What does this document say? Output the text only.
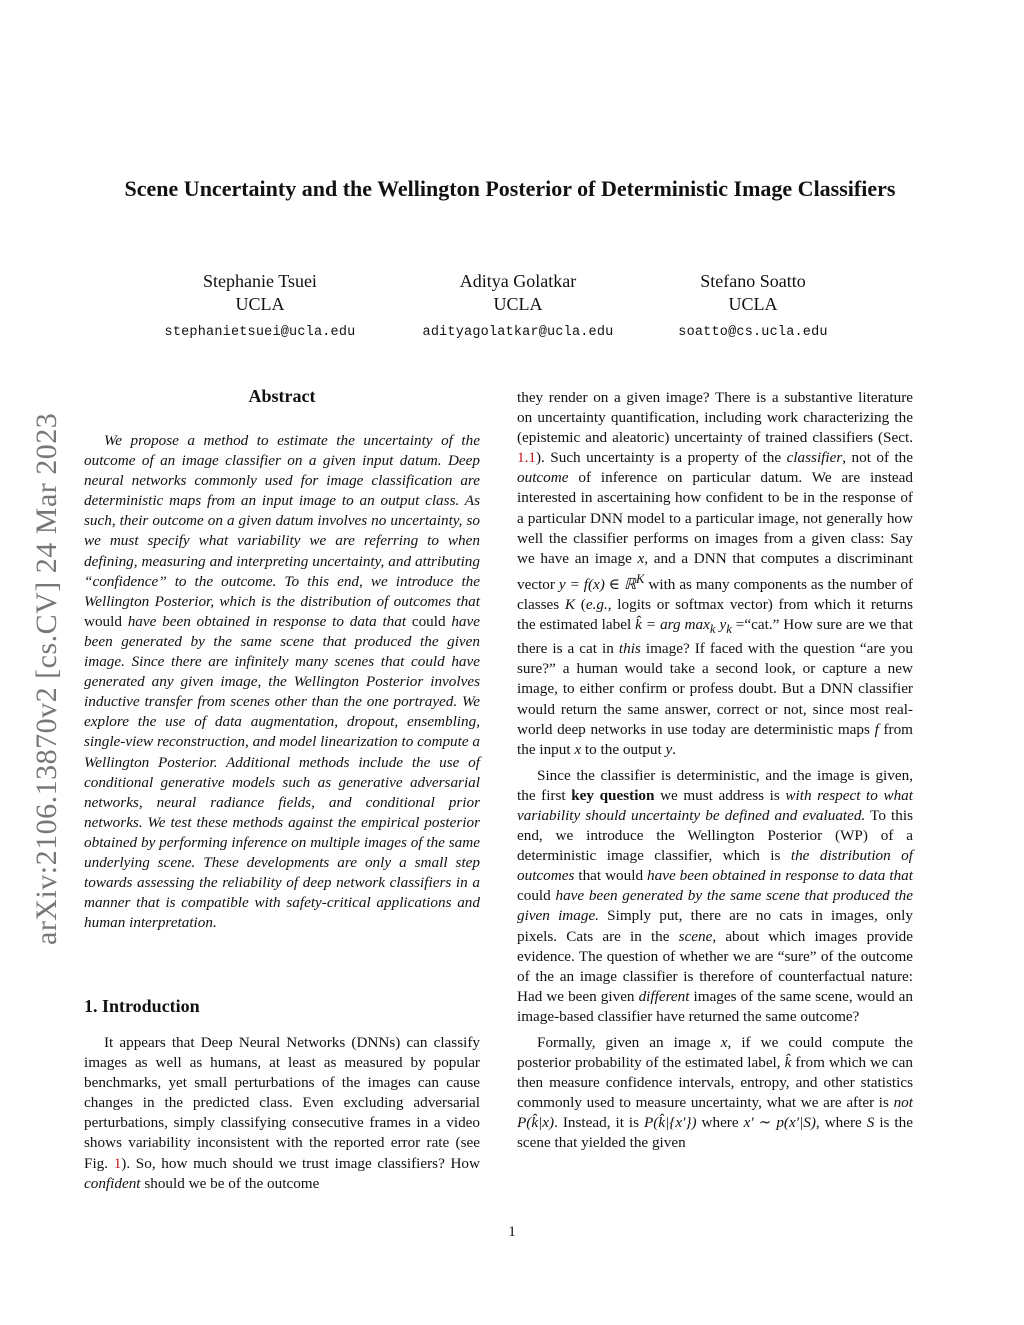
Scene Uncertainty and the Wellington Posterior of Deterministic Image Classifiers
Stephanie Tsuei
UCLA
stephanietsuei@ucla.edu
Aditya Golatkar
UCLA
adityagolatkar@ucla.edu
Stefano Soatto
UCLA
soatto@cs.ucla.edu
arXiv:2106.13870v2 [cs.CV] 24 Mar 2023
Abstract

We propose a method to estimate the uncertainty of the outcome of an image classifier on a given input datum. Deep neural networks commonly used for image classification are deterministic maps from an input image to an output class. As such, their outcome on a given datum involves no uncertainty, so we must specify what variability we are referring to when defining, measuring and interpreting uncertainty, and attributing “confidence” to the outcome. To this end, we introduce the Wellington Posterior, which is the distribution of outcomes that would have been obtained in response to data that could have been generated by the same scene that produced the given image. Since there are infinitely many scenes that could have generated any given image, the Wellington Posterior involves inductive transfer from scenes other than the one portrayed. We explore the use of data augmentation, dropout, ensembling, single-view reconstruction, and model linearization to compute a Wellington Posterior. Additional methods include the use of conditional generative models such as generative adversarial networks, neural radiance fields, and conditional prior networks. We test these methods against the empirical posterior obtained by performing inference on multiple images of the same underlying scene. These developments are only a small step towards assessing the reliability of deep network classifiers in a manner that is compatible with safety-critical applications and human interpretation.

1. Introduction

It appears that Deep Neural Networks (DNNs) can classify images as well as humans, at least as measured by popular benchmarks, yet small perturbations of the images can cause changes in the predicted class. Even excluding adversarial perturbations, simply classifying consecutive frames in a video shows variability inconsistent with the reported error rate (see Fig. 1). So, how much should we trust image classifiers? How confident should we be of the outcome

they render on a given image? There is a substantive literature on uncertainty quantification, including work characterizing the (epistemic and aleatoric) uncertainty of trained classifiers (Sect. 1.1). Such uncertainty is a property of the classifier, not of the outcome of inference on particular datum. We are instead interested in ascertaining how confident to be in the response of a particular DNN model to a particular image, not generally how well the classifier performs on images from a given class: Say we have an image x, and a DNN that computes a discriminant vector y = f(x) ∈ ℝ$^K$ with as many components as the number of classes K (e.g., logits or softmax vector) from which it returns the estimated label k̂ = arg $\max_k y_k$ =“cat.” How sure are we that there is a cat in this image? If faced with the question “are you sure?” a human would take a second look, or capture a new image, to either confirm or profess doubt. But a DNN classifier would return the same answer, correct or not, since most real-world deep networks in use today are deterministic maps f from the input x to the output y.

Since the classifier is deterministic, and the image is given, the first key question we must address is with respect to what variability should uncertainty be defined and evaluated. To this end, we introduce the Wellington Posterior (WP) of a deterministic image classifier, which is the distribution of outcomes that would have been obtained in response to data that could have been generated by the same scene that produced the given image. Simply put, there are no cats in images, only pixels. Cats are in the scene, about which images provide evidence. The question of whether we are “sure” of the outcome of the an image classifier is therefore of counterfactual nature: Had we been given different images of the same scene, would an image-based classifier have returned the same outcome?

Formally, given an image x, if we could compute the posterior probability of the estimated label, k̂ from which we can then measure confidence intervals, entropy, and other statistics commonly used to measure uncertainty, what we are after is not P(k̂|x). Instead, it is P(k̂|{x′}) where x′ ∼ p(x′|S), where S is the scene that yielded the given

1
